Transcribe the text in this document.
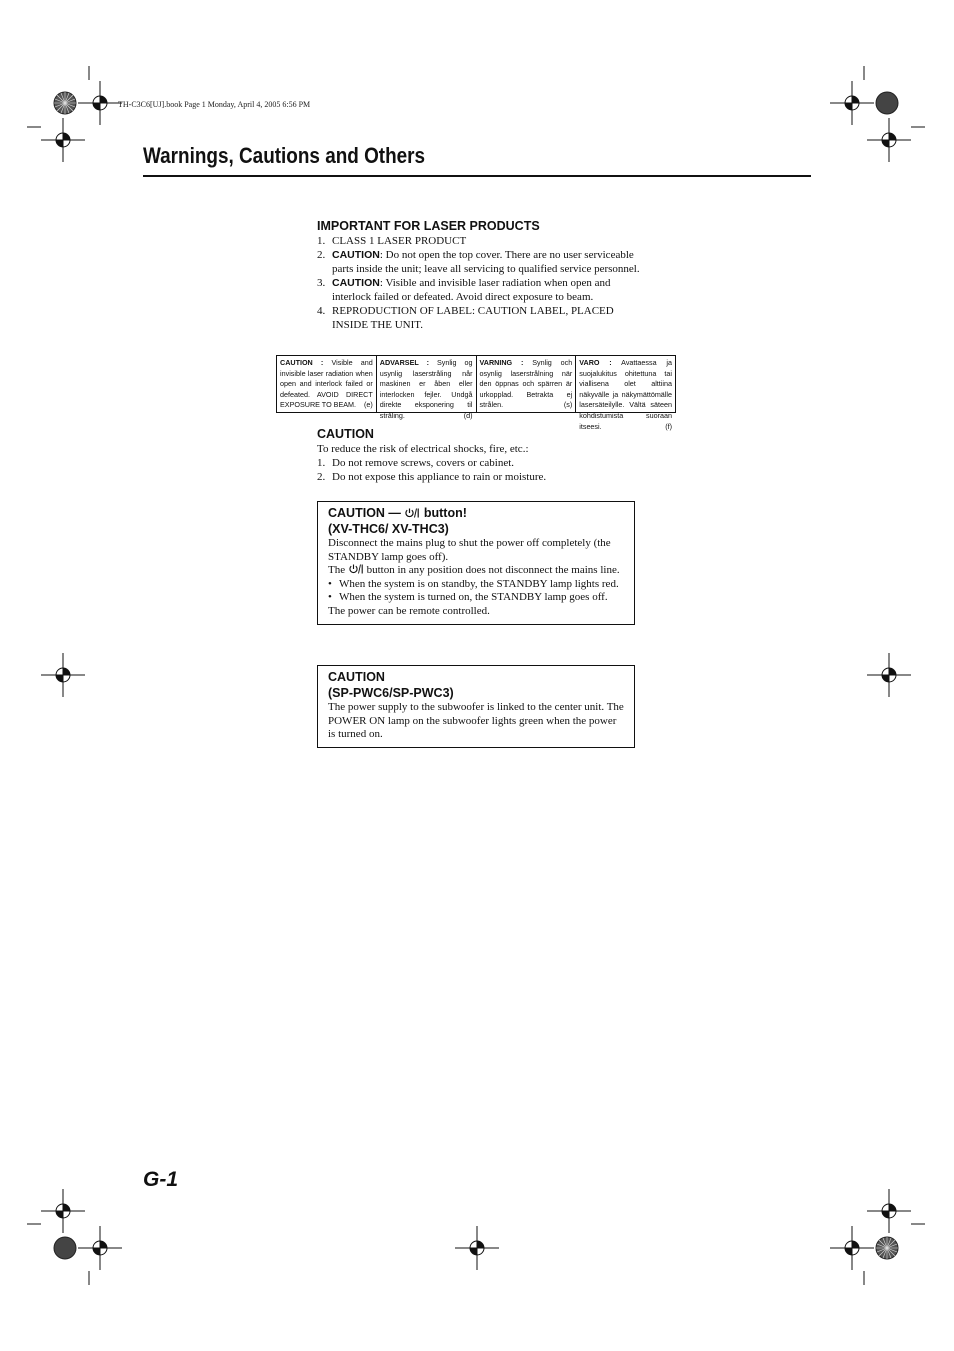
TH-C3C6[UJ].book Page 1 Monday, April 4, 2005 6:56 PM
Warnings, Cautions and Others
IMPORTANT FOR LASER PRODUCTS
1. CLASS 1 LASER PRODUCT
2. CAUTION: Do not open the top cover. There are no user serviceable parts inside the unit; leave all servicing to qualified service personnel.
3. CAUTION: Visible and invisible laser radiation when open and interlock failed or defeated. Avoid direct exposure to beam.
4. REPRODUCTION OF LABEL: CAUTION LABEL, PLACED INSIDE THE UNIT.
CAUTION : Visible and invisible laser radiation when open and interlock failed or defeated. AVOID DIRECT EXPOSURE TO BEAM. (e)
ADVARSEL : Synlig og usynlig laserstråling når maskinen er åben eller interlocken fejler. Undgå direkte eksponering til stråling.	(d)
VARNING : Synlig och osynlig laserstrålning när den öppnas och spärren är urkopplad. Betrakta ej strålen.	(s)
VARO : Avattaessa ja suojalukitus ohitettuna tai viallisena olet alttiina näkyvälle ja näkymättömälle lasersäteilylle. Vältä säteen kohdistumista suoraan itseesi.	(f)
CAUTION
To reduce the risk of electrical shocks, fire, etc.:
1. Do not remove screws, covers or cabinet.
2. Do not expose this appliance to rain or moisture.
CAUTION —  button!
(XV-THC6/ XV-THC3)
Disconnect the mains plug to shut the power off completely (the STANDBY lamp goes off).
The  button in any position does not disconnect the mains line.
• When the system is on standby, the STANDBY lamp lights red.
• When the system is turned on, the STANDBY lamp goes off.
The power can be remote controlled.
CAUTION
(SP-PWC6/SP-PWC3)
The power supply to the subwoofer is linked to the center unit. The POWER ON lamp on the subwoofer lights green when the power is turned on.
G-1
